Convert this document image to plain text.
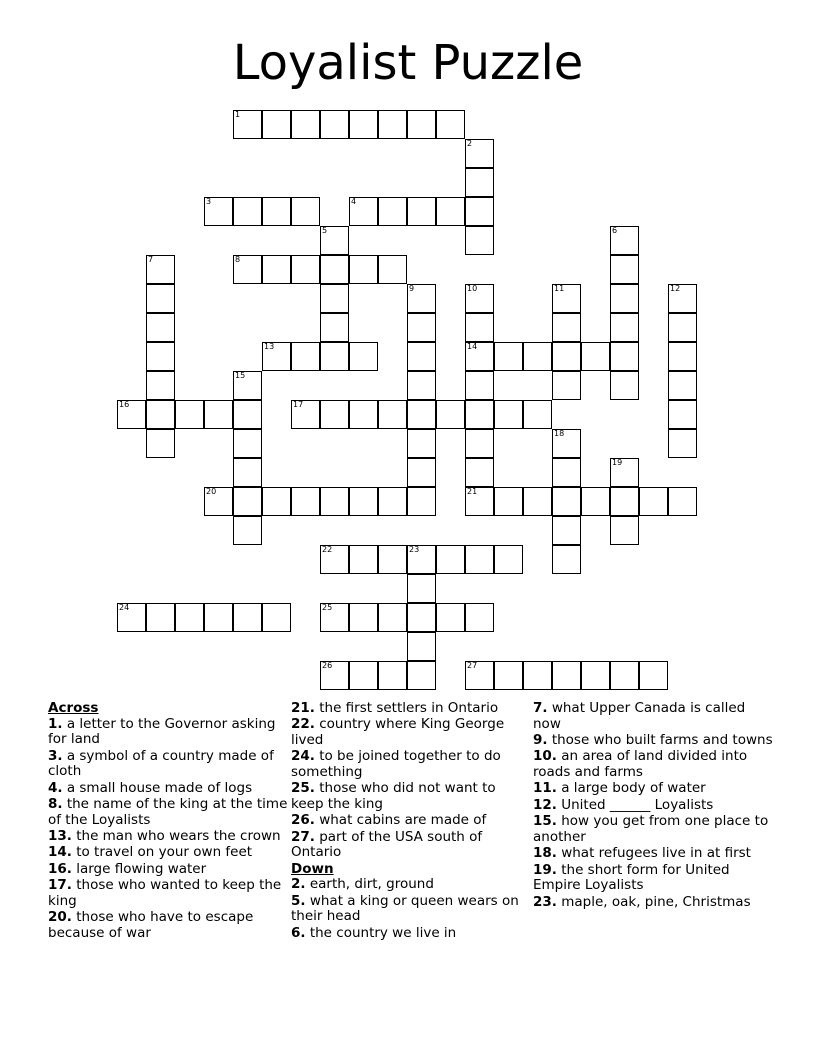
Loyalist Puzzle
1
2
3	4
5	6
7	8
9	10
14
11	12
13
15
16	17
18
19
20	21
22	23
24	25
26	27
Across
1. a letter to the Governor asking for land
3. a symbol of a country made of cloth
4. a small house made of logs
8. the name of the king at the time of the Loyalists
13. the man who wears the crown
14. to travel on your own feet
16. large flowing water
17. those who wanted to keep the king
20. those who have to escape because of war
21. the first settlers in Ontario
22. country where King George lived
24. to be joined together to do something
25. those who did not want to keep the king
26. what cabins are made of
27. part of the USA south of Ontario
Down
2. earth, dirt, ground
5. what a king or queen wears on their head
6. the country we live in
7. what Upper Canada is called now
9. those who built farms and towns
10. an area of land divided into roads and farms
11. a large body of water
12. United ______ Loyalists
15. how you get from one place to another
18. what refugees live in at first
19. the short form for United Empire Loyalists
23. maple, oak, pine, Christmas
